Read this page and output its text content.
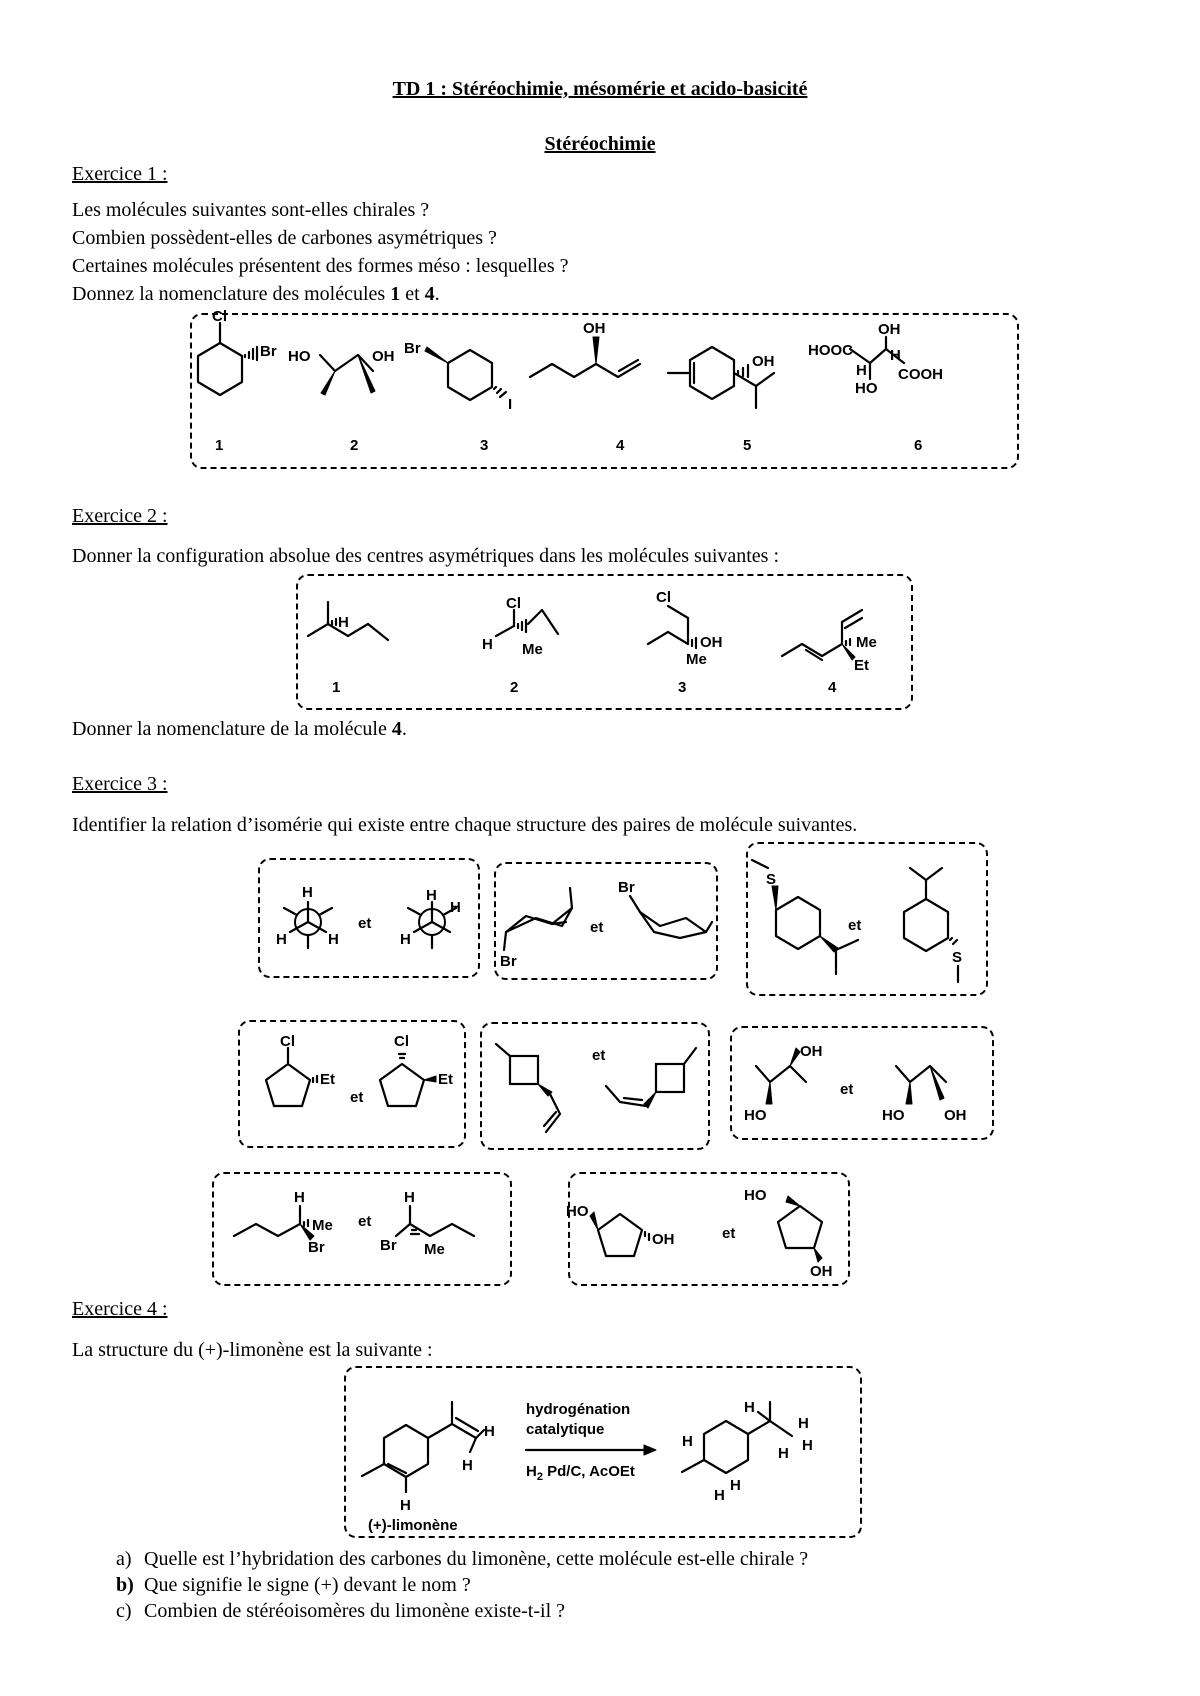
TD 1 : Stéréochimie, mésomérie et acido-basicité
Stéréochimie
Exercice 1 :
Les molécules suivantes sont-elles chirales ?
Combien possèdent-elles de carbones asymétriques ?
Certaines molécules présentent des formes méso : lesquelles ?
Donnez la nomenclature des molécules 1 et 4.
Cl
Br HO	OH Br
I
OH
OH
HOOC
OH
H
H
HO
COOH
1	2	3	4	5	6
Exercice 2 :
Donner la configuration absolue des centres asymétriques dans les molécules suivantes :
H
Cl
H Me
Cl
OH
Me
Me
Et
1	2	3	4
Donner la nomenclature de la molécule 4.
Exercice 3 :
Identifier la relation d’isomérie qui existe entre chaque structure des paires de molécule suivantes.
H
H	H
et
H
H
H
Br
et
Br	S
et
S
Cl
Et
et
Cl
Et
et
HO
OH
et
HO	OH
H
Me
Br
et
H
Br Me
HO
OH	et
HO
OH
Exercice 4 :
La structure du (+)-limonène est la suivante :
H
H
H
(+)-limonène
hydrogénation
catalytique
$H_2$ Pd/C, AcOEt
H
H
H
H
H
H
H
a) Quelle est l’hybridation des carbones du limonène, cette molécule est-elle chirale ?
b) Que signifie le signe (+) devant le nom ?
c) Combien de stéréoisomères du limonène existe-t-il ?
